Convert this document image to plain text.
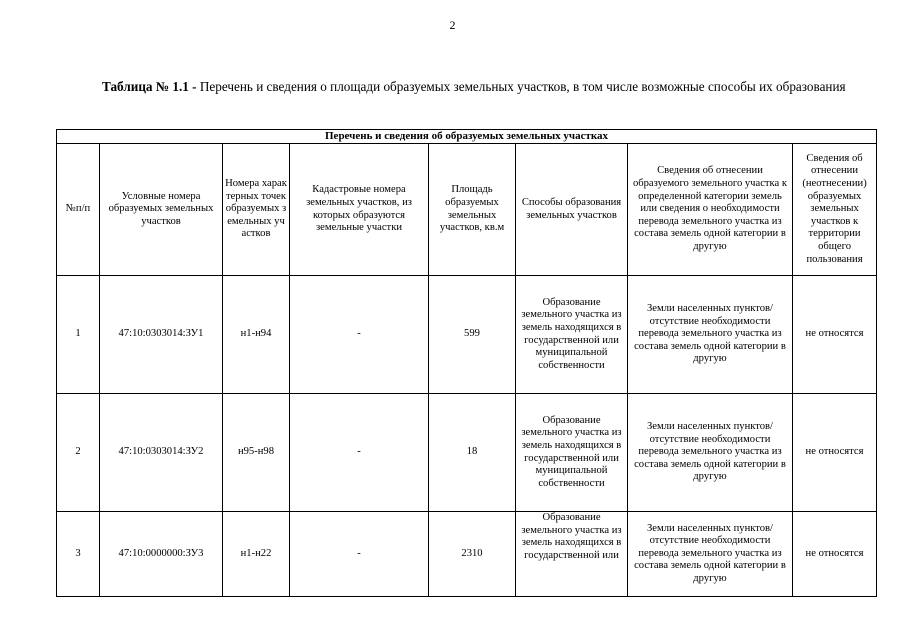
2
Таблица № 1.1 - Перечень и сведения о площади образуемых земельных участков, в том числе возможные способы их образования
Перечень и сведения об образуемых земельных участках							
№п/п	Условные номера образуемых земельных участков	Номера характерных точек образуемых земельных участков	Кадастровые номера земельных участков, из которых образуются земельные участки	Площадь образуемых земельных участков, кв.м	Способы образования земельных участков	Сведения об отнесении образуемого земельного участка к определенной категории земель или сведения о необходимости перевода земельного участка из состава земель одной категории в другую	Сведения об отнесении (неотнесении) образуемых земельных участков к территории общего пользования
1	47:10:0303014:ЗУ1	н1-н94	-	599	Образование земельного участка из земель находящихся в государственной или муниципальной собственности	Земли населенных пунктов/ отсутствие необходимости перевода земельного участка из состава земель одной категории в другую	не относятся
2	47:10:0303014:ЗУ2	н95-н98	-	18	Образование земельного участка из земель находящихся в государственной или муниципальной собственности	Земли населенных пунктов/ отсутствие необходимости перевода земельного участка из состава земель одной категории в другую	не относятся
3	47:10:0000000:ЗУ3	н1-н22	-	2310	Образование земельного участка из земель находящихся в государственной или	Земли населенных пунктов/ отсутствие необходимости перевода земельного участка из состава земель одной категории в другую	не относятся
